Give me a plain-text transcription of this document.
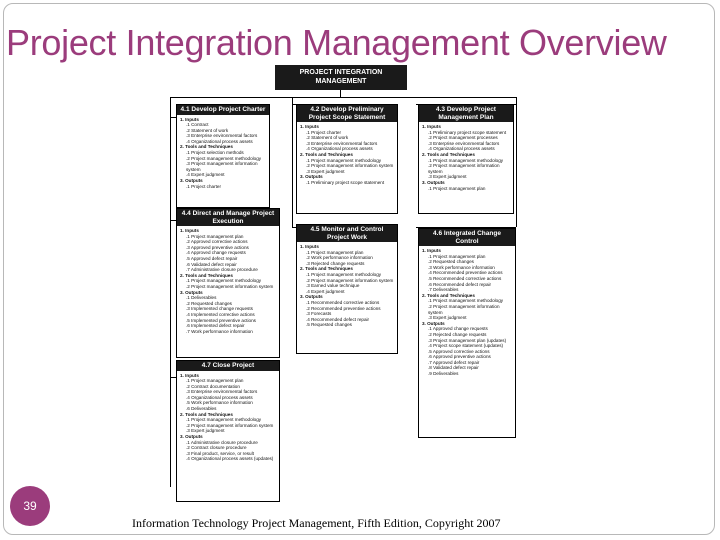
Project Integration Management Overview
PROJECT INTEGRATION MANAGEMENT
4.1 Develop Project Charter
1. Inputs
.1 Contract
.2 Statement of work
.3 Enterprise environmental factors
.4 Organizational process assets
2. Tools and Techniques
.1 Project selection methods
.2 Project management methodology
.3 Project management information system
.4 Expert judgment
3. Outputs
.1 Project charter
4.2 Develop Preliminary Project Scope Statement
1. Inputs
.1 Project charter
.2 Statement of work
.3 Enterprise environmental factors
.4 Organizational process assets
2. Tools and Techniques
.1 Project management methodology
.2 Project management information system
.3 Expert judgment
3. Outputs
.1 Preliminary project scope statement
4.3 Develop Project Management Plan
1. Inputs
.1 Preliminary project scope statement
.2 Project management processes
.3 Enterprise environmental factors
.4 Organizational process assets
2. Tools and Techniques
.1 Project management methodology
.2 Project management information system
.3 Expert judgment
3. Outputs
.1 Project management plan
4.4 Direct and Manage Project Execution
1. Inputs
.1 Project management plan
.2 Approved corrective actions
.3 Approved preventive actions
.4 Approved change requests
.5 Approved defect repair
.6 Validated defect repair
.7 Administrative closure procedure
2. Tools and Techniques
.1 Project management methodology
.2 Project management information system
3. Outputs
.1 Deliverables
.2 Requested changes
.3 Implemented change requests
.4 Implemented corrective actions
.5 Implemented preventive actions
.6 Implemented defect repair
.7 Work performance information
4.5 Monitor and Control Project Work
1. Inputs
.1 Project management plan
.2 Work performance information
.3 Rejected change requests
2. Tools and Techniques
.1 Project management methodology
.2 Project management information system
.3 Earned value technique
.4 Expert judgment
3. Outputs
.1 Recommended corrective actions
.2 Recommended preventive actions
.3 Forecasts
.4 Recommended defect repair
.5 Requested changes
4.6 Integrated Change Control
1. Inputs
.1 Project management plan
.2 Requested changes
.3 Work performance information
.4 Recommended preventive actions
.5 Recommended corrective actions
.6 Recommended defect repair
.7 Deliverables
2. Tools and Techniques
.1 Project management methodology
.2 Project management information system
.3 Expert judgment
3. Outputs
.1 Approved change requests
.2 Rejected change requests
.3 Project management plan (updates)
.4 Project scope statement (updates)
.5 Approved corrective actions
.6 Approved preventive actions
.7 Approved defect repair
.8 Validated defect repair
.9 Deliverables
4.7 Close Project
1. Inputs
.1 Project management plan
.2 Contract documentation
.3 Enterprise environmental factors
.4 Organizational process assets
.5 Work performance information
.6 Deliverables
2. Tools and Techniques
.1 Project management methodology
.2 Project management information system
.3 Expert judgment
3. Outputs
.1 Administrative closure procedure
.2 Contract closure procedure
.3 Final product, service, or result
.4 Organizational process assets (updates)
39
Information Technology Project Management, Fifth Edition, Copyright 2007
